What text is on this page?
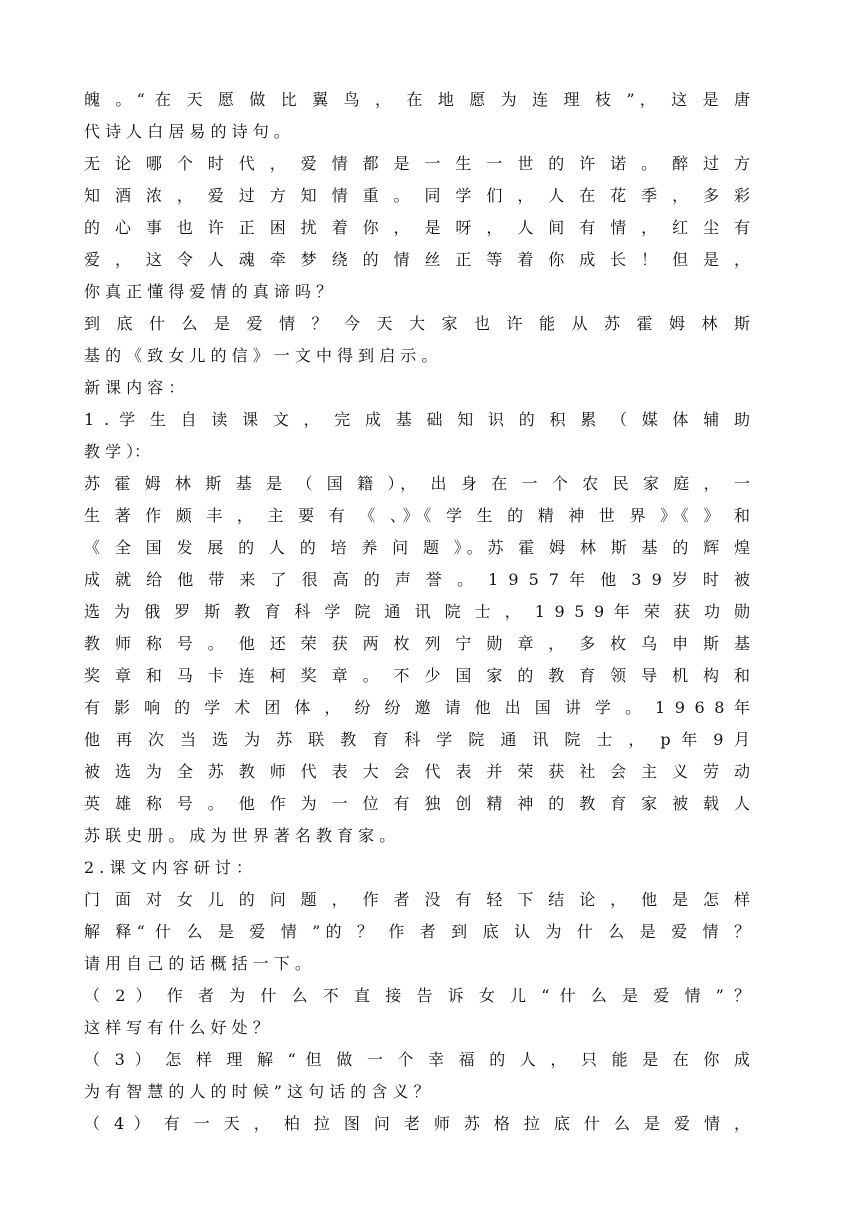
魄 。“ 在 天 愿 做 比 翼 鸟 ， 在 地 愿 为 连 理 枝 ”， 这 是 唐
代 诗 人 白 居 易 的 诗 句 。
无 论 哪 个 时 代 ， 爱 情 都 是 一 生 一 世 的 许 诺 。 醉 过 方
知 酒 浓 ， 爱 过 方 知 情 重 。 同 学 们 ， 人 在 花 季 ， 多 彩
的 心 事 也 许 正 困 扰 着 你 ， 是 呀 ， 人 间 有 情 ， 红 尘 有
爱 ， 这 令 人 魂 牵 梦 绕 的 情 丝 正 等 着 你 成 长 ！ 但 是 ，
你 真 正 懂 得 爱 情 的 真 谛 吗 ？
到 底 什 么 是 爱 情 ？ 今 天 大 家 也 许 能 从 苏 霍 姆 林 斯
基 的 《 致 女 儿 的 信 》 一 文 中 得 到 启 示 。
新 课 内 容 ：
1 . 学 生 自 读 课 文 ， 完 成 基 础 知 识 的 积 累 （ 媒 体 辅 助
教 学 ）：
苏 霍 姆 林 斯 基 是 （ 国 籍 ）， 出 身 在 一 个 农 民 家 庭 ， 一
生 著 作 颇 丰 ， 主 要 有 《 、》《 学 生 的 精 神 世 界 》《 》 和
《 全 国 发 展 的 人 的 培 养 问 题 》。苏 霍 姆 林 斯 基 的 辉 煌
成 就 给 他 带 来 了 很 高 的 声 誉 。 1 9 5 7 年 他 3 9 岁 时 被
选 为 俄 罗 斯 教 育 科 学 院 通 讯 院 士 ， 1 9 5 9 年 荣 获 功 勋
教 师 称 号 。 他 还 荣 获 两 枚 列 宁 勋 章 ， 多 枚 乌 申 斯 基
奖 章 和 马 卡 连 柯 奖 章 。 不 少 国 家 的 教 育 领 导 机 构 和
有 影 响 的 学 术 团 体 ， 纷 纷 邀 请 他 出 国 讲 学 。 1 9 6 8 年
他 再 次 当 选 为 苏 联 教 育 科 学 院 通 讯 院 士 ， p 年 9 月
被 选 为 全 苏 教 师 代 表 大 会 代 表 并 荣 获 社 会 主 义 劳 动
英 雄 称 号 。 他 作 为 一 位 有 独 创 精 神 的 教 育 家 被 载 人
苏 联 史 册 。 成 为 世 界 著 名 教 育 家 。
2 . 课 文 内 容 研 讨 ：
门 面 对 女 儿 的 问 题 ， 作 者 没 有 轻 下 结 论 ， 他 是 怎 样
解 释“ 什 么 是 爱 情 ”的 ？ 作 者 到 底 认 为 什 么 是 爱 情 ？
请 用 自 己 的 话 概 括 一 下 。
（ 2 ） 作 者 为 什 么 不 直 接 告 诉 女 儿 “ 什 么 是 爱 情 ” ？
这 样 写 有 什 么 好 处 ？
（ 3 ） 怎 样 理 解 “ 但 做 一 个 幸 福 的 人 ， 只 能 是 在 你 成
为 有 智 慧 的 人 的 时 候 ” 这 句 话 的 含 义 ？
（ 4 ） 有 一 天 ， 柏 拉 图 问 老 师 苏 格 拉 底 什 么 是 爱 情 ，
